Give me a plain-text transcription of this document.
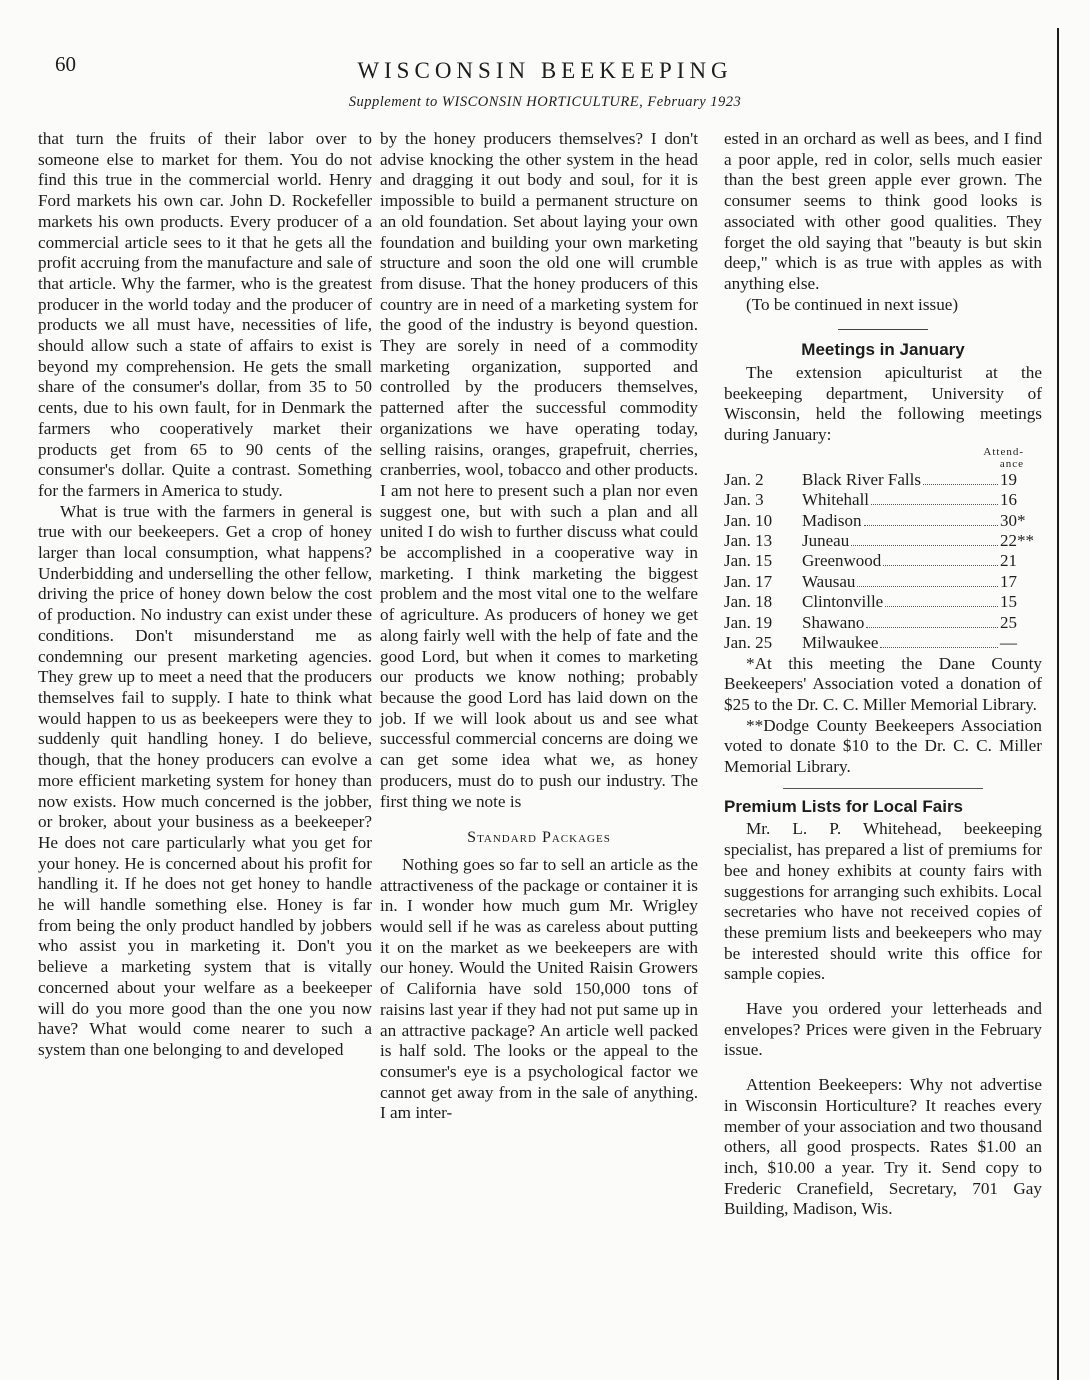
60	WISCONSIN BEEKEEPING
Supplement to WISCONSIN HORTICULTURE, February 1923

that turn the fruits of their labor over to someone else to market for them. You do not find this true in the commercial world. Henry Ford markets his own car. John D. Rockefeller markets his own products. Every producer of a commercial article sees to it that he gets all the profit accruing from the manufacture and sale of that article. Why the farmer, who is the greatest producer in the world today and the producer of products we all must have, necessities of life, should allow such a state of affairs to exist is beyond my comprehension. He gets the small share of the consumer's dollar, from 35 to 50 cents, due to his own fault, for in Denmark the farmers who cooperatively market their products get from 65 to 90 cents of the consumer's dollar. Quite a contrast. Something for the farmers in America to study.

What is true with the farmers in general is true with our beekeepers. Get a crop of honey larger than local consumption, what happens? Underbidding and underselling the other fellow, driving the price of honey down below the cost of production. No industry can exist under these conditions. Don't misunderstand me as condemning our present marketing agencies. They grew up to meet a need that the producers themselves fail to supply. I hate to think what would happen to us as beekeepers were they to suddenly quit handling honey. I do believe, though, that the honey producers can evolve a more efficient marketing system for honey than now exists. How much concerned is the jobber, or broker, about your business as a beekeeper? He does not care particularly what you get for your honey. He is concerned about his profit for handling it. If he does not get honey to handle he will handle something else. Honey is far from being the only product handled by jobbers who assist you in marketing it. Don't you believe a marketing system that is vitally concerned about your welfare as a beekeeper will do you more good than the one you now have? What would come nearer to such a system than one belonging to and developed

by the honey producers themselves? I don't advise knocking the other system in the head and dragging it out body and soul, for it is impossible to build a permanent structure on an old foundation. Set about laying your own foundation and building your own marketing structure and soon the old one will crumble from disuse. That the honey producers of this country are in need of a marketing system for the good of the industry is beyond question. They are sorely in need of a commodity marketing organization, supported and controlled by the producers themselves, patterned after the successful commodity organizations we have operating today, selling raisins, oranges, grapefruit, cherries, cranberries, wool, tobacco and other products. I am not here to present such a plan nor even suggest one, but with such a plan and all united I do wish to further discuss what could be accomplished in a cooperative way in marketing. I think marketing the biggest problem and the most vital one to the welfare of agriculture. As producers of honey we get along fairly well with the help of fate and the good Lord, but when it comes to marketing our products we know nothing; probably because the good Lord has laid down on the job. If we will look about us and see what successful commercial concerns are doing we can get some idea what we, as honey producers, must do to push our industry. The first thing we note is

Standard Packages

Nothing goes so far to sell an article as the attractiveness of the package or container it is in. I wonder how much gum Mr. Wrigley would sell if he was as careless about putting it on the market as we beekeepers are with our honey. Would the United Raisin Growers of California have sold 150,000 tons of raisins last year if they had not put same up in an attractive package? An article well packed is half sold. The looks or the appeal to the consumer's eye is a psychological factor we cannot get away from in the sale of anything. I am inter-

ested in an orchard as well as bees, and I find a poor apple, red in color, sells much easier than the best green apple ever grown. The consumer seems to think good looks is associated with other good qualities. They forget the old saying that "beauty is but skin deep," which is as true with apples as with anything else.

(To be continued in next issue)

Meetings in January

The extension apiculturist at the beekeeping department, University of Wisconsin, held the following meetings during January:

Attend-
ance
Jan. 2	Black River Falls	19
Jan. 3	Whitehall	16
Jan. 10	Madison	30*
Jan. 13	Juneau	22**
Jan. 15	Greenwood	21
Jan. 17	Wausau	17
Jan. 18	Clintonville	15
Jan. 19	Shawano	25
Jan. 25	Milwaukee	—

*At this meeting the Dane County Beekeepers' Association voted a donation of $25 to the Dr. C. C. Miller Memorial Library.

**Dodge County Beekeepers Association voted to donate $10 to the Dr. C. C. Miller Memorial Library.

Premium Lists for Local Fairs

Mr. L. P. Whitehead, beekeeping specialist, has prepared a list of premiums for bee and honey exhibits at county fairs with suggestions for arranging such exhibits. Local secretaries who have not received copies of these premium lists and beekeepers who may be interested should write this office for sample copies.

Have you ordered your letterheads and envelopes? Prices were given in the February issue.

Attention Beekeepers: Why not advertise in Wisconsin Horticulture? It reaches every member of your association and two thousand others, all good prospects. Rates $1.00 an inch, $10.00 a year. Try it. Send copy to Frederic Cranefield, Secretary, 701 Gay Building, Madison, Wis.
